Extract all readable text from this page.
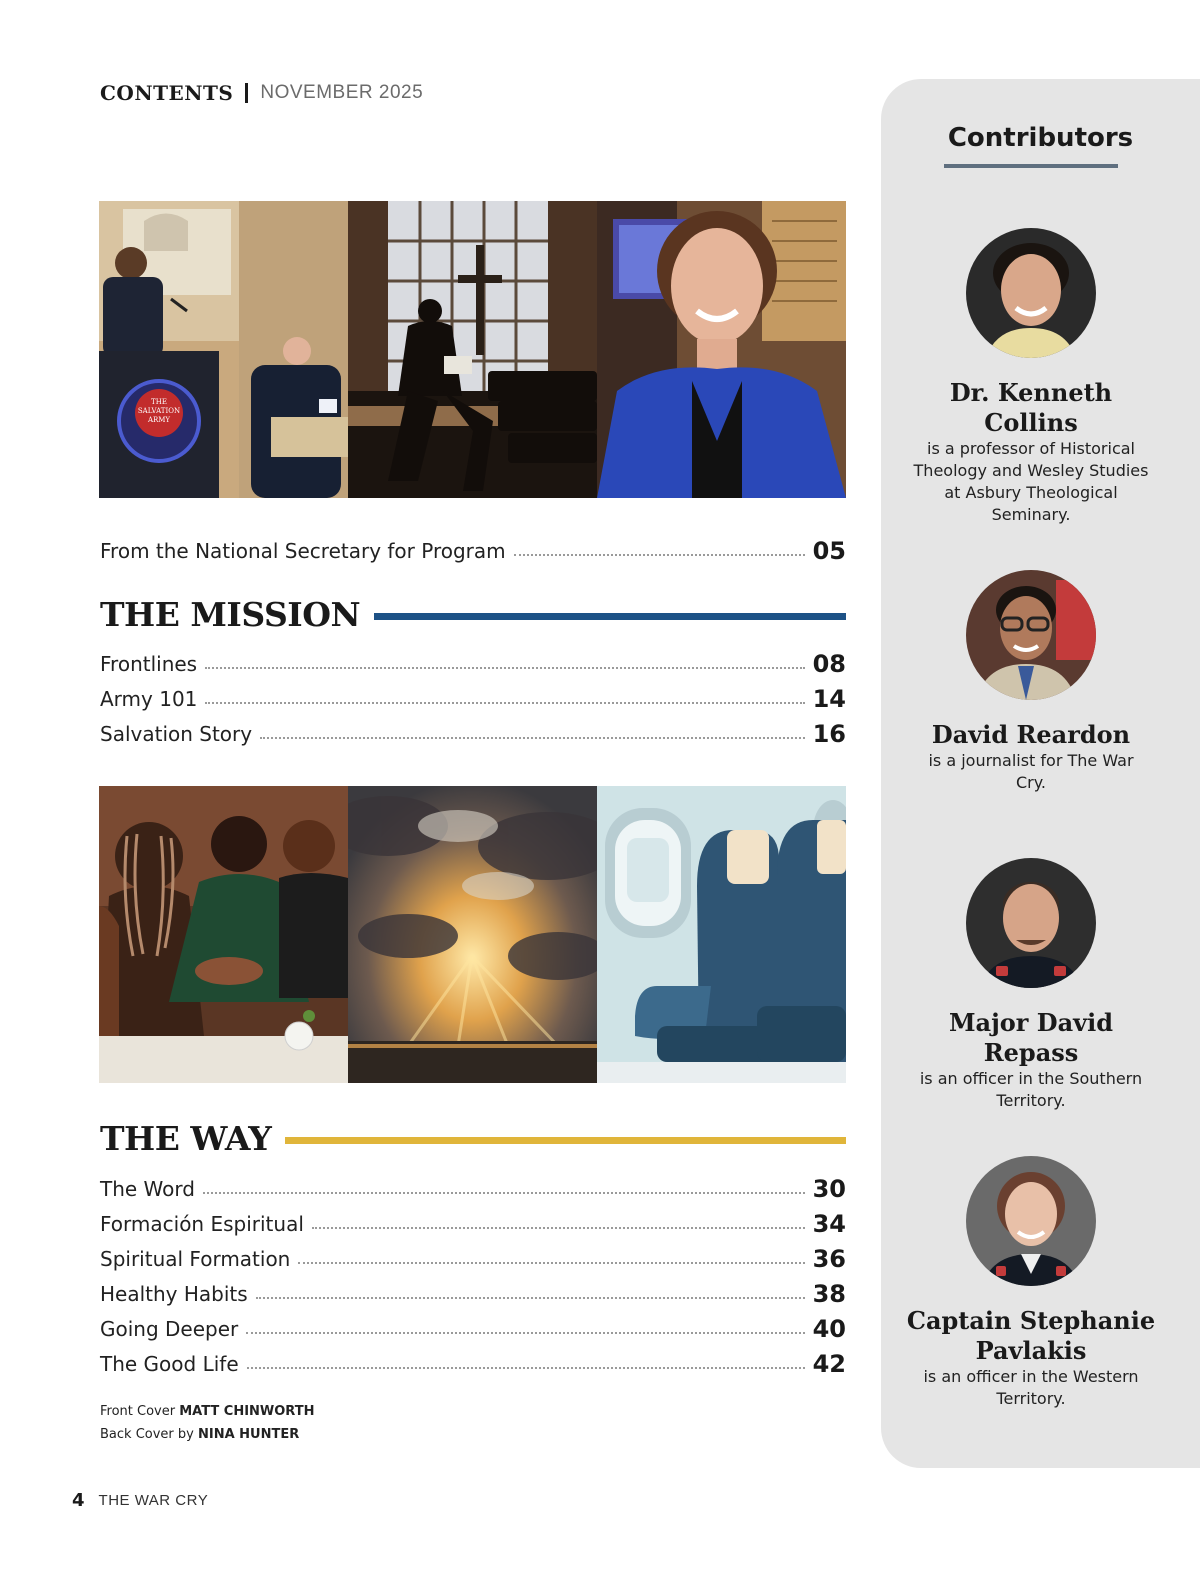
CONTENTS NOVEMBER 2025
THE
SALVATION
ARMY
From the National Secretary for Program	05
THE MISSION
Frontlines	08
Army 101	14
Salvation Story	16
THE WAY
The Word	30
Formación Espiritual	34
Spiritual Formation	36
Healthy Habits	38
Going Deeper	40
The Good Life	42
Front Cover MATT CHINWORTH
Back Cover by NINA HUNTER
4 THE WAR CRY
Contributors
Dr. Kenneth Collins
is a professor of Historical Theology and Wesley Studies at Asbury Theological Seminary.
David Reardon
is a journalist for The War Cry.
Major David Repass
is an officer in the Southern Territory.
Captain Stephanie Pavlakis
is an officer in the Western Territory.
